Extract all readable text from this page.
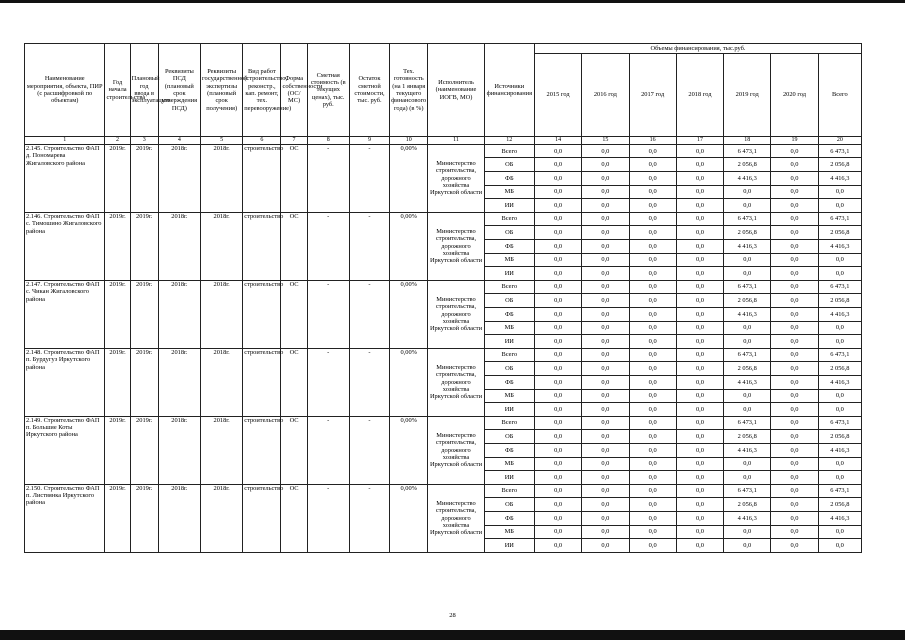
Наименование мероприятия, объекта, ПИР (с расшифровкой по объектам)	Год начала строительства	Плановый год ввода в эксплуатацию	Реквизиты ПСД (плановый срок утверждения ПСД)	Реквизиты государственной экспертизы (плановый срок получения)	Вид работ (строительство, реконстр., кап. ремонт, тех. перевооружение)	Форма собственности (ОС/МС)	Сметная стоимость (в текущих ценах), тыс. руб.	Остаток сметной стоимости, тыс. руб.	Тех. готовность (на 1 января текущего финансового года) (в %)	Исполнитель (наименование ИОГВ, МО)	Источники финансирования	Объемы финансирования, тыс.руб.						
												2015 год	2016 год	2017 год	2018 год	2019 год	2020 год	Всего
1	2	3	4	5	6	7	8	9	10	11	12	14	15	16	17	18	19	20
2.145. Строительство ФАП д. Пономарева Жигаловского района	2019г.	2019г.	2018г.	2018г.	строительство	ОС	-	-	0,00%	Министерство строительства, дорожного хозяйства Иркутской области	Всего	0,0	0,0	0,0	0,0	6 473,1	0,0	6 473,1
											ОБ	0,0	0,0	0,0	0,0	2 056,8	0,0	2 056,8
											ФБ	0,0	0,0	0,0	0,0	4 416,3	0,0	4 416,3
											МБ	0,0	0,0	0,0	0,0	0,0	0,0	0,0
											ИИ	0,0	0,0	0,0	0,0	0,0	0,0	0,0
2.146. Строительство ФАП с. Тимошино Жигаловского района	2019г.	2019г.	2018г.	2018г.	строительство	ОС	-	-	0,00%	Министерство строительства, дорожного хозяйства Иркутской области	Всего	0,0	0,0	0,0	0,0	6 473,1	0,0	6 473,1
											ОБ	0,0	0,0	0,0	0,0	2 056,8	0,0	2 056,8
											ФБ	0,0	0,0	0,0	0,0	4 416,3	0,0	4 416,3
											МБ	0,0	0,0	0,0	0,0	0,0	0,0	0,0
											ИИ	0,0	0,0	0,0	0,0	0,0	0,0	0,0
2.147. Строительство ФАП с. Чикан Жигаловского района	2019г.	2019г.	2018г.	2018г.	строительство	ОС	-	-	0,00%	Министерство строительства, дорожного хозяйства Иркутской области	Всего	0,0	0,0	0,0	0,0	6 473,1	0,0	6 473,1
											ОБ	0,0	0,0	0,0	0,0	2 056,8	0,0	2 056,8
											ФБ	0,0	0,0	0,0	0,0	4 416,3	0,0	4 416,3
											МБ	0,0	0,0	0,0	0,0	0,0	0,0	0,0
											ИИ	0,0	0,0	0,0	0,0	0,0	0,0	0,0
2.148. Строительство ФАП п. Бурдугуз Иркутского района	2019г.	2019г.	2018г.	2018г.	строительство	ОС	-	-	0,00%	Министерство строительства, дорожного хозяйства Иркутской области	Всего	0,0	0,0	0,0	0,0	6 473,1	0,0	6 473,1
											ОБ	0,0	0,0	0,0	0,0	2 056,8	0,0	2 056,8
											ФБ	0,0	0,0	0,0	0,0	4 416,3	0,0	4 416,3
											МБ	0,0	0,0	0,0	0,0	0,0	0,0	0,0
											ИИ	0,0	0,0	0,0	0,0	0,0	0,0	0,0
2.149. Строительство ФАП п. Большие Коты Иркутского района	2019г.	2019г.	2018г.	2018г.	строительство	ОС	-	-	0,00%	Министерство строительства, дорожного хозяйства Иркутской области	Всего	0,0	0,0	0,0	0,0	6 473,1	0,0	6 473,1
											ОБ	0,0	0,0	0,0	0,0	2 056,8	0,0	2 056,8
											ФБ	0,0	0,0	0,0	0,0	4 416,3	0,0	4 416,3
											МБ	0,0	0,0	0,0	0,0	0,0	0,0	0,0
											ИИ	0,0	0,0	0,0	0,0	0,0	0,0	0,0
2.150. Строительство ФАП п. Листвянка Иркутского района	2019г.	2019г.	2018г.	2018г.	строительство	ОС	-	-	0,00%	Министерство строительства, дорожного хозяйства Иркутской области	Всего	0,0	0,0	0,0	0,0	6 473,1	0,0	6 473,1
											ОБ	0,0	0,0	0,0	0,0	2 056,8	0,0	2 056,8
											ФБ	0,0	0,0	0,0	0,0	4 416,3	0,0	4 416,3
											МБ	0,0	0,0	0,0	0,0	0,0	0,0	0,0
											ИИ	0,0	0,0	0,0	0,0	0,0	0,0	0,0
28
